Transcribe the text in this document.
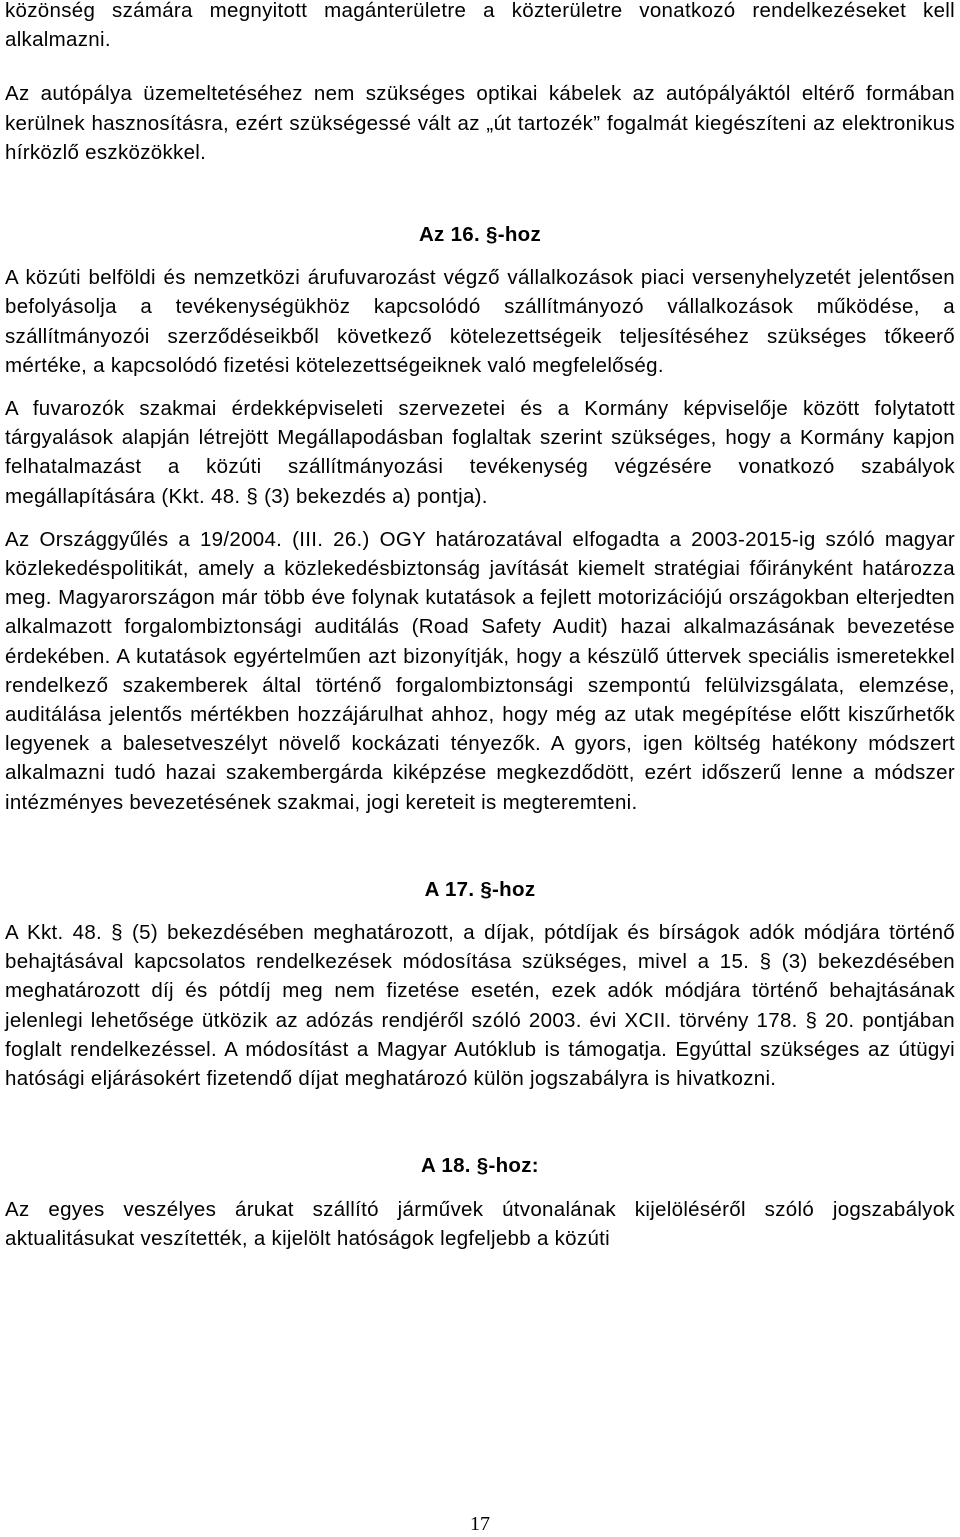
közönség számára megnyitott magánterületre a közterületre vonatkozó rendelkezéseket kell alkalmazni.

Az autópálya üzemeltetéséhez nem szükséges optikai kábelek az autópályáktól eltérő formában kerülnek hasznosításra, ezért szükségessé vált az „út tartozék” fogalmát kiegészíteni az elektronikus hírközlő eszközökkel.

Az 16. §-hoz

A közúti belföldi és nemzetközi árufuvarozást végző vállalkozások piaci versenyhelyzetét jelentősen befolyásolja a tevékenységükhöz kapcsolódó szállítmányozó vállalkozások működése, a szállítmányozói szerződéseikből következő kötelezettségeik teljesítéséhez szükséges tőkeerő mértéke, a kapcsolódó fizetési kötelezettségeiknek való megfelelőség.

A fuvarozók szakmai érdekképviseleti szervezetei és a Kormány képviselője között folytatott tárgyalások alapján létrejött Megállapodásban foglaltak szerint szükséges, hogy a Kormány kapjon felhatalmazást a közúti szállítmányozási tevékenység végzésére vonatkozó szabályok megállapítására (Kkt. 48. § (3) bekezdés a) pontja).

Az Országgyűlés a 19/2004. (III. 26.) OGY határozatával elfogadta a 2003-2015-ig szóló magyar közlekedéspolitikát, amely a közlekedésbiztonság javítását kiemelt stratégiai főirányként határozza meg. Magyarországon már több éve folynak kutatások a fejlett motorizációjú országokban elterjedten alkalmazott forgalombiztonsági auditálás (Road Safety Audit) hazai alkalmazásának bevezetése érdekében. A kutatások egyértelműen azt bizonyítják, hogy a készülő úttervek speciális ismeretekkel rendelkező szakemberek által történő forgalombiztonsági szempontú felülvizsgálata, elemzése, auditálása jelentős mértékben hozzájárulhat ahhoz, hogy még az utak megépítése előtt kiszűrhetők legyenek a balesetveszélyt növelő kockázati tényezők. A gyors, igen költség hatékony módszert alkalmazni tudó hazai szakembergárda kiképzése megkezdődött, ezért időszerű lenne a módszer intézményes bevezetésének szakmai, jogi kereteit is megteremteni.

A 17. §-hoz

A Kkt. 48. § (5) bekezdésében meghatározott, a díjak, pótdíjak és bírságok adók módjára történő behajtásával kapcsolatos rendelkezések módosítása szükséges, mivel a 15. § (3) bekezdésében meghatározott díj és pótdíj meg nem fizetése esetén, ezek adók módjára történő behajtásának jelenlegi lehetősége ütközik az adózás rendjéről szóló 2003. évi XCII. törvény 178. § 20. pontjában foglalt rendelkezéssel. A módosítást a Magyar Autóklub is támogatja. Egyúttal szükséges az útügyi hatósági eljárásokért fizetendő díjat meghatározó külön jogszabályra is hivatkozni.

A 18. §-hoz:

Az egyes veszélyes árukat szállító járművek útvonalának kijelöléséről szóló jogszabályok aktualitásukat veszítették, a kijelölt hatóságok legfeljebb a közúti

17
